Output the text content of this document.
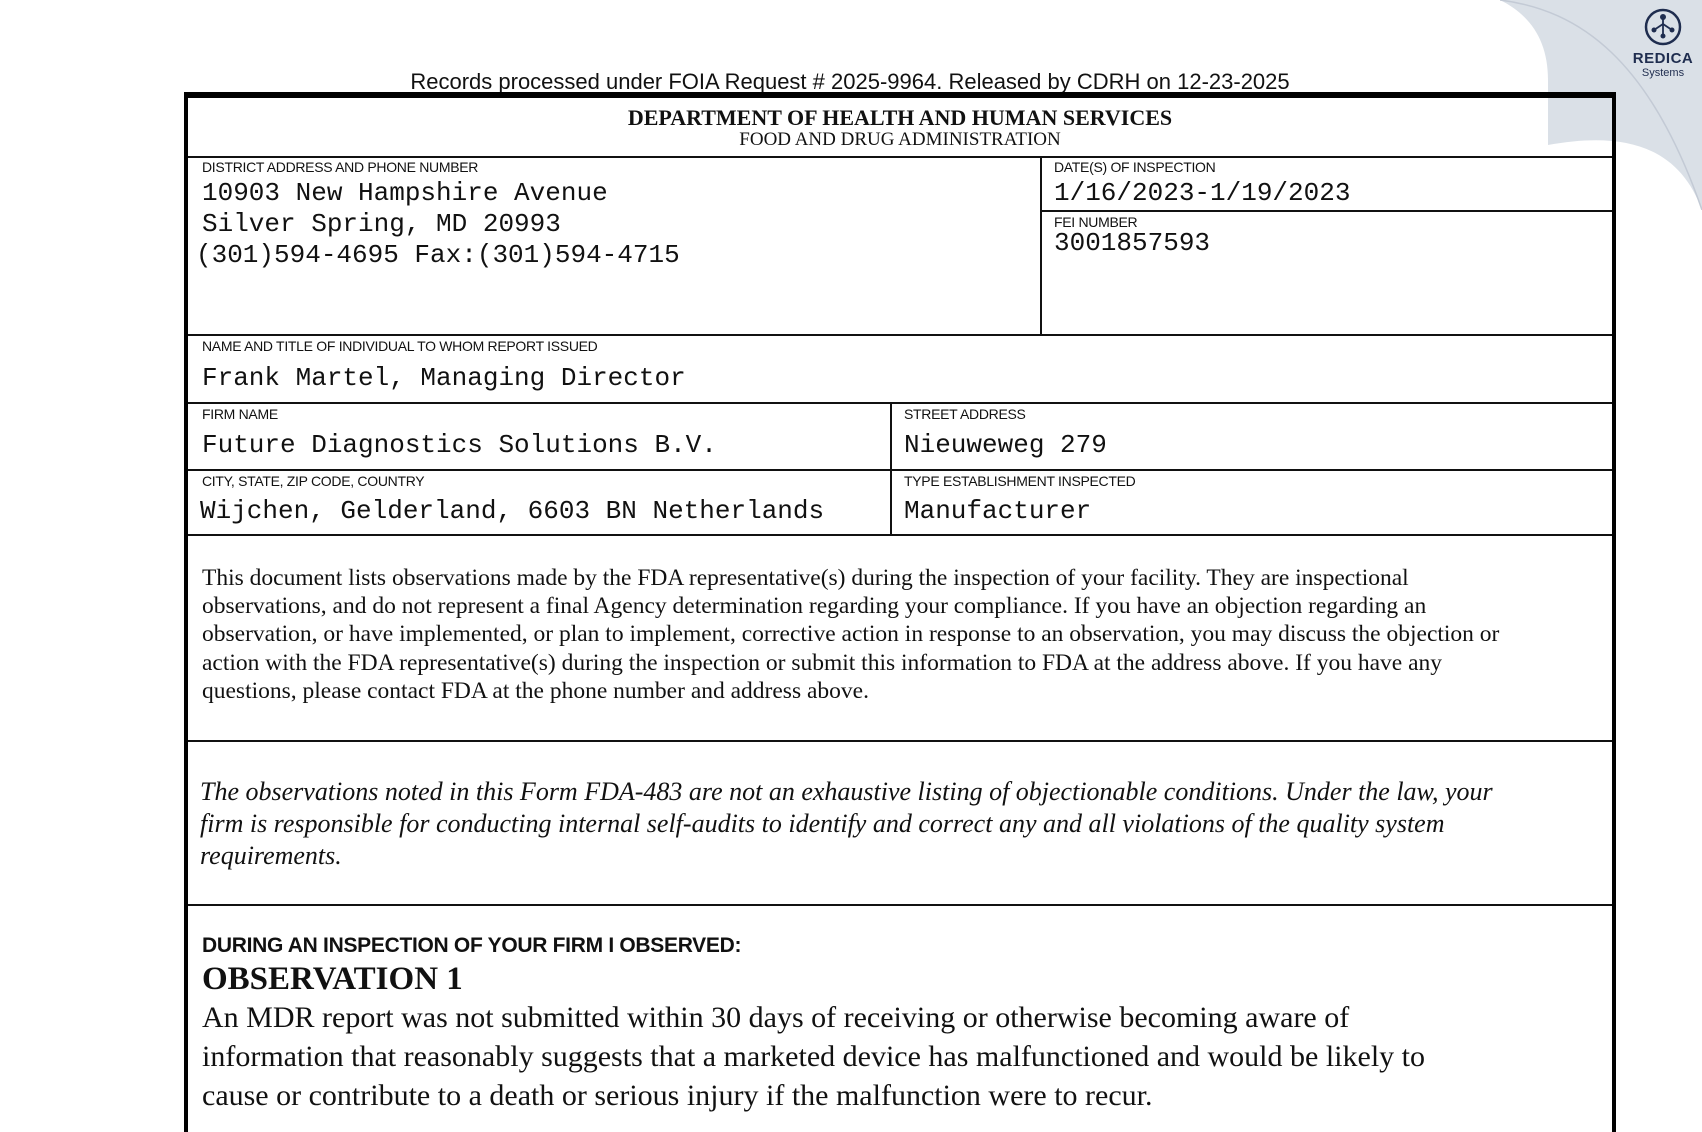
REDICA
Systems
Records processed under FOIA Request # 2025-9964. Released by CDRH on 12-23-2025
DEPARTMENT OF HEALTH AND HUMAN SERVICES
FOOD AND DRUG ADMINISTRATION
DISTRICT ADDRESS AND PHONE NUMBER
10903 New Hampshire Avenue
Silver Spring, MD 20993
(301)594-4695 Fax:(301)594-4715
DATE(S) OF INSPECTION
1/16/2023-1/19/2023
FEI NUMBER
3001857593
NAME AND TITLE OF INDIVIDUAL TO WHOM REPORT ISSUED
Frank Martel, Managing Director
FIRM NAME
Future Diagnostics Solutions B.V.
STREET ADDRESS
Nieuweweg 279
CITY, STATE, ZIP CODE, COUNTRY
Wijchen, Gelderland, 6603 BN Netherlands
TYPE ESTABLISHMENT INSPECTED
Manufacturer
This document lists observations made by the FDA representative(s) during the inspection of your facility. They are inspectional
observations, and do not represent a final Agency determination regarding your compliance. If you have an objection regarding an
observation, or have implemented, or plan to implement, corrective action in response to an observation, you may discuss the objection or
action with the FDA representative(s) during the inspection or submit this information to FDA at the address above. If you have any
questions, please contact FDA at the phone number and address above.
The observations noted in this Form FDA-483 are not an exhaustive listing of objectionable conditions. Under the law, your
firm is responsible for conducting internal self-audits to identify and correct any and all violations of the quality system
requirements.
DURING AN INSPECTION OF YOUR FIRM I OBSERVED:
OBSERVATION 1
An MDR report was not submitted within 30 days of receiving or otherwise becoming aware of
information that reasonably suggests that a marketed device has malfunctioned and would be likely to
cause or contribute to a death or serious injury if the malfunction were to recur.
